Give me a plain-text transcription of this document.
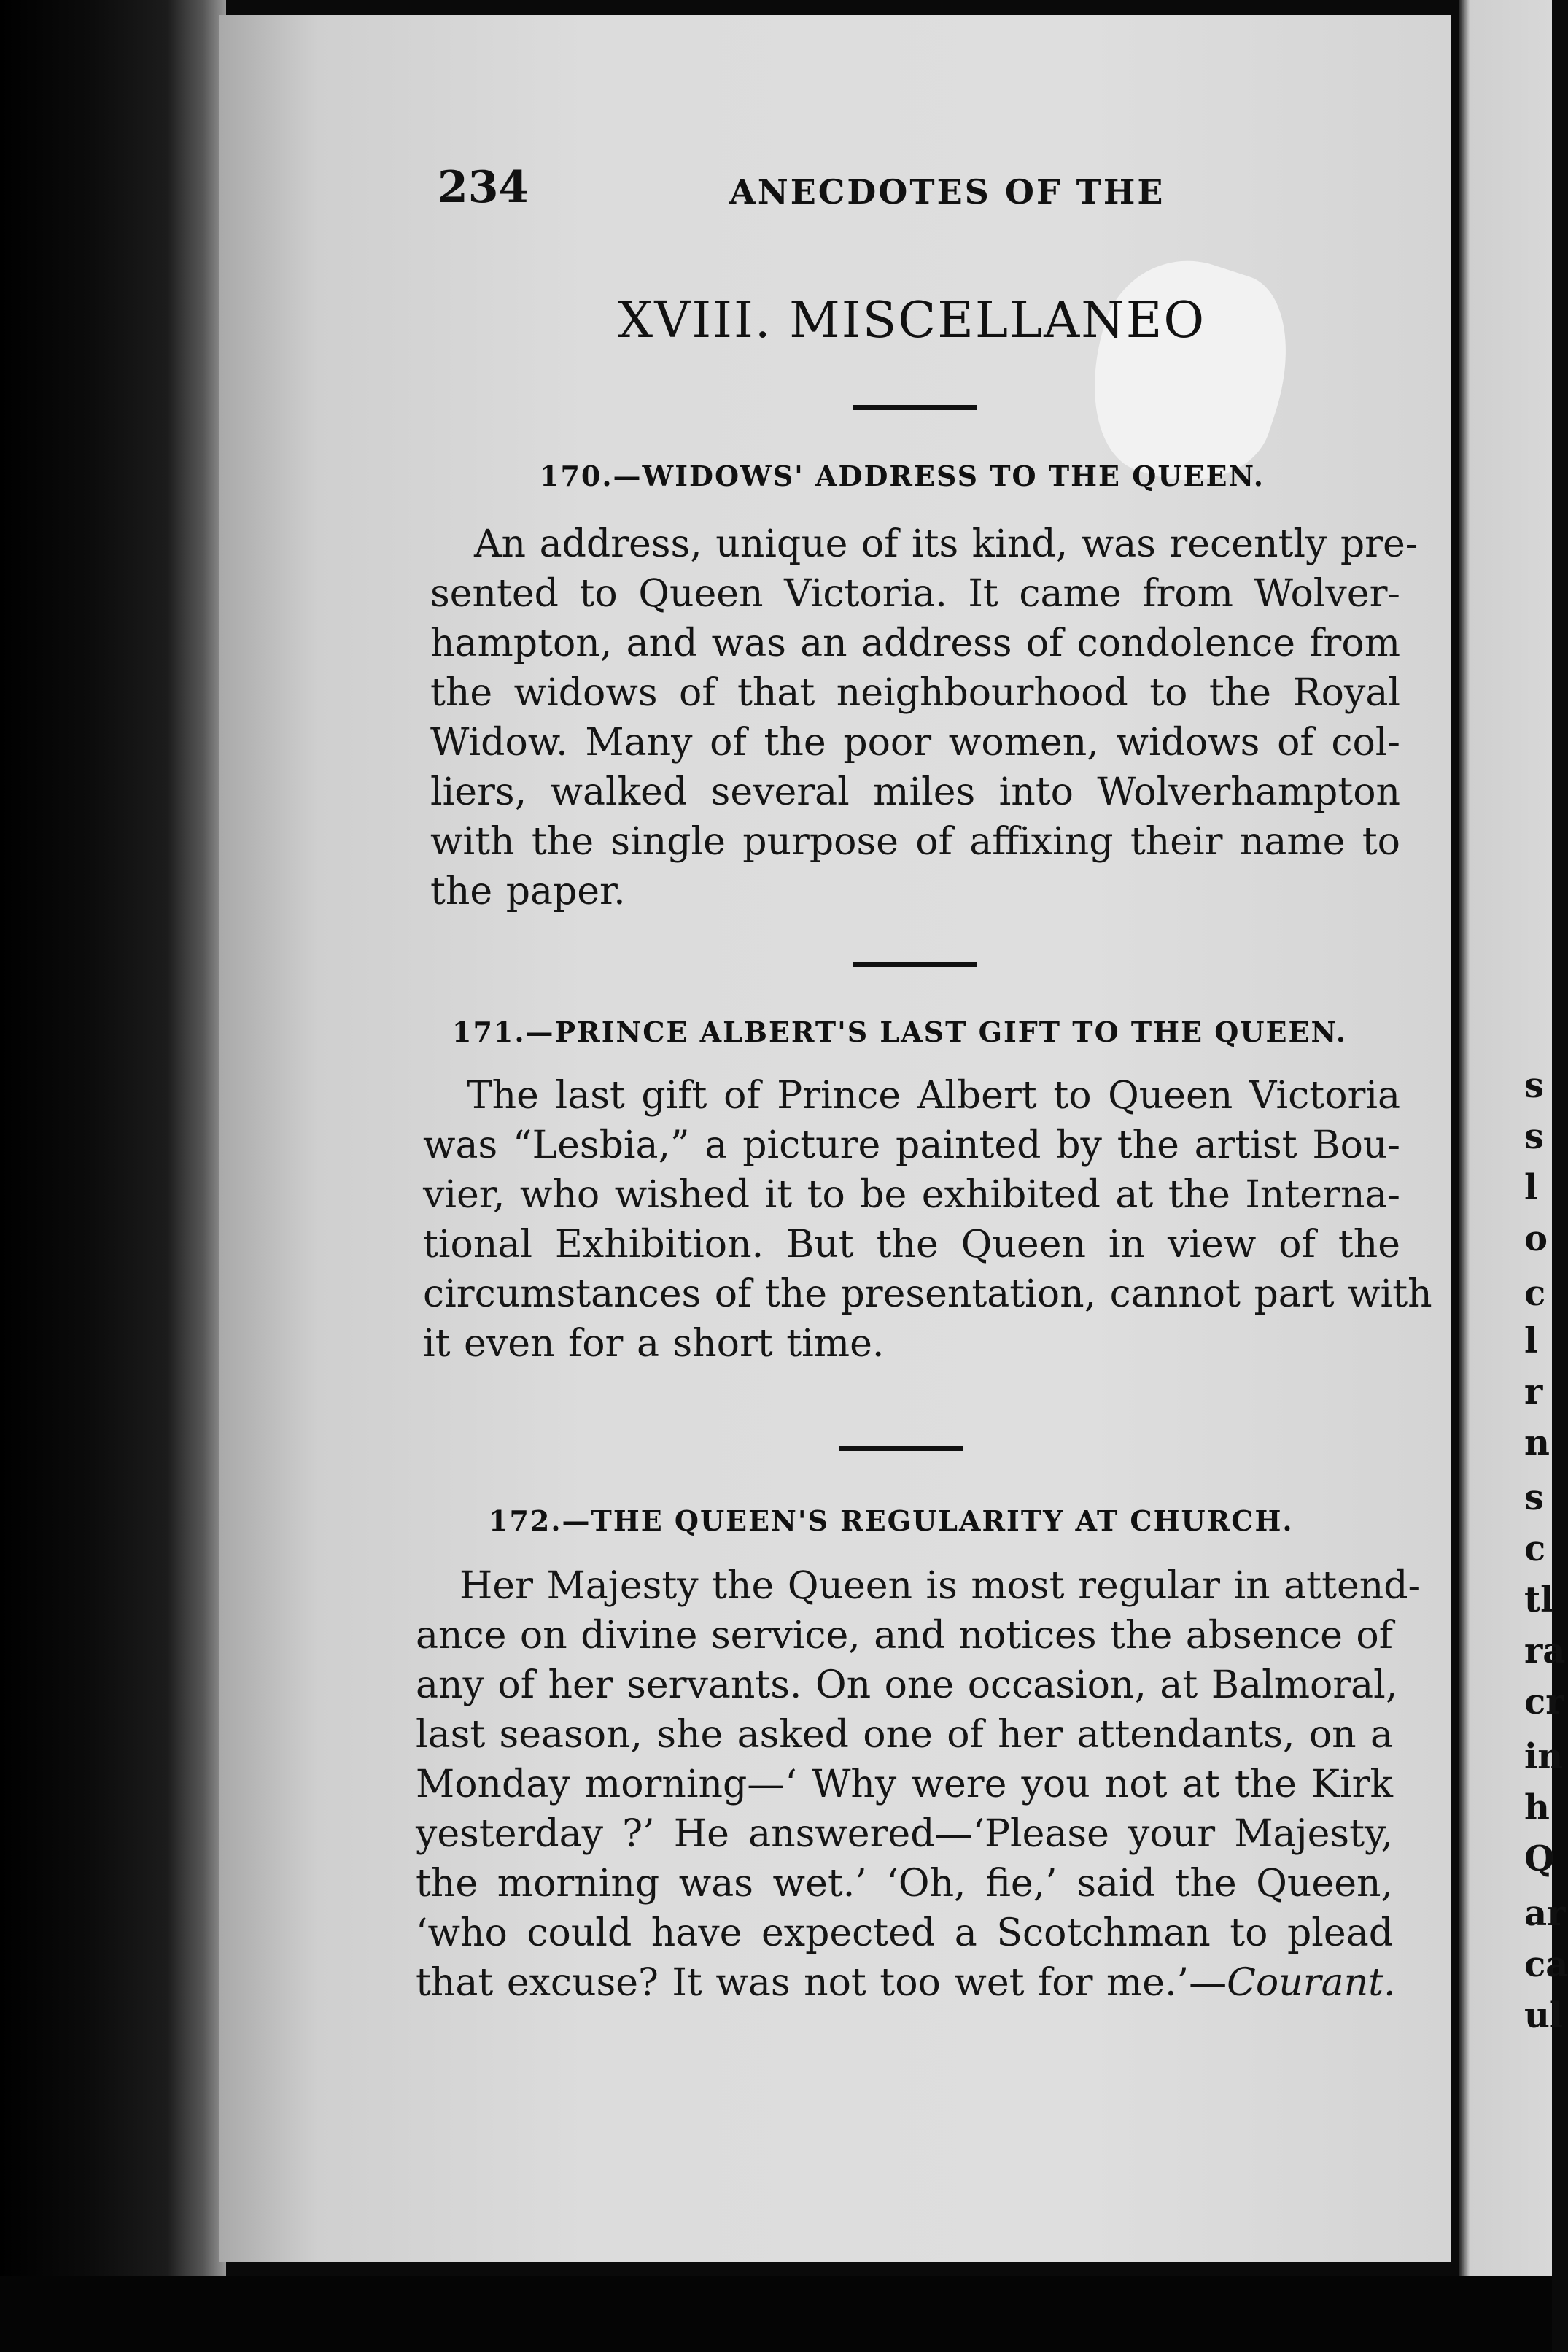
234	ANECDOTES OF THE
XVIII. MISCELLANEO
170.—WIDOWS' ADDRESS TO THE QUEEN.
An address, unique of its kind, was recently pre-
sented to Queen Victoria. It came from Wolver-
hampton, and was an address of condolence from
the widows of that neighbourhood to the Royal
Widow. Many of the poor women, widows of col-
liers, walked several miles into Wolverhampton
with the single purpose of affixing their name to
the paper.
171.—PRINCE ALBERT'S LAST GIFT TO THE QUEEN.
The last gift of Prince Albert to Queen Victoria
was “Lesbia,” a picture painted by the artist Bou-
vier, who wished it to be exhibited at the Interna-
tional Exhibition. But the Queen in view of the
circumstances of the presentation, cannot part with
it even for a short time.
172.—THE QUEEN'S REGULARITY AT CHURCH.
Her Majesty the Queen is most regular in attend-
ance on divine service, and notices the absence of
any of her servants. On one occasion, at Balmoral,
last season, she asked one of her attendants, on a
Monday morning—‘ Why were you not at the Kirk
yesterday ?’ He answered—‘Please your Majesty,
the morning was wet.’ ‘Oh, fie,’ said the Queen,
‘who could have expected a Scotchman to plead
that excuse? It was not too wet for me.’—Courant.
s
s
l
o
c
l
r
n
s
c
tl
ra
cr
in
h
Q
ar
ca
ul
